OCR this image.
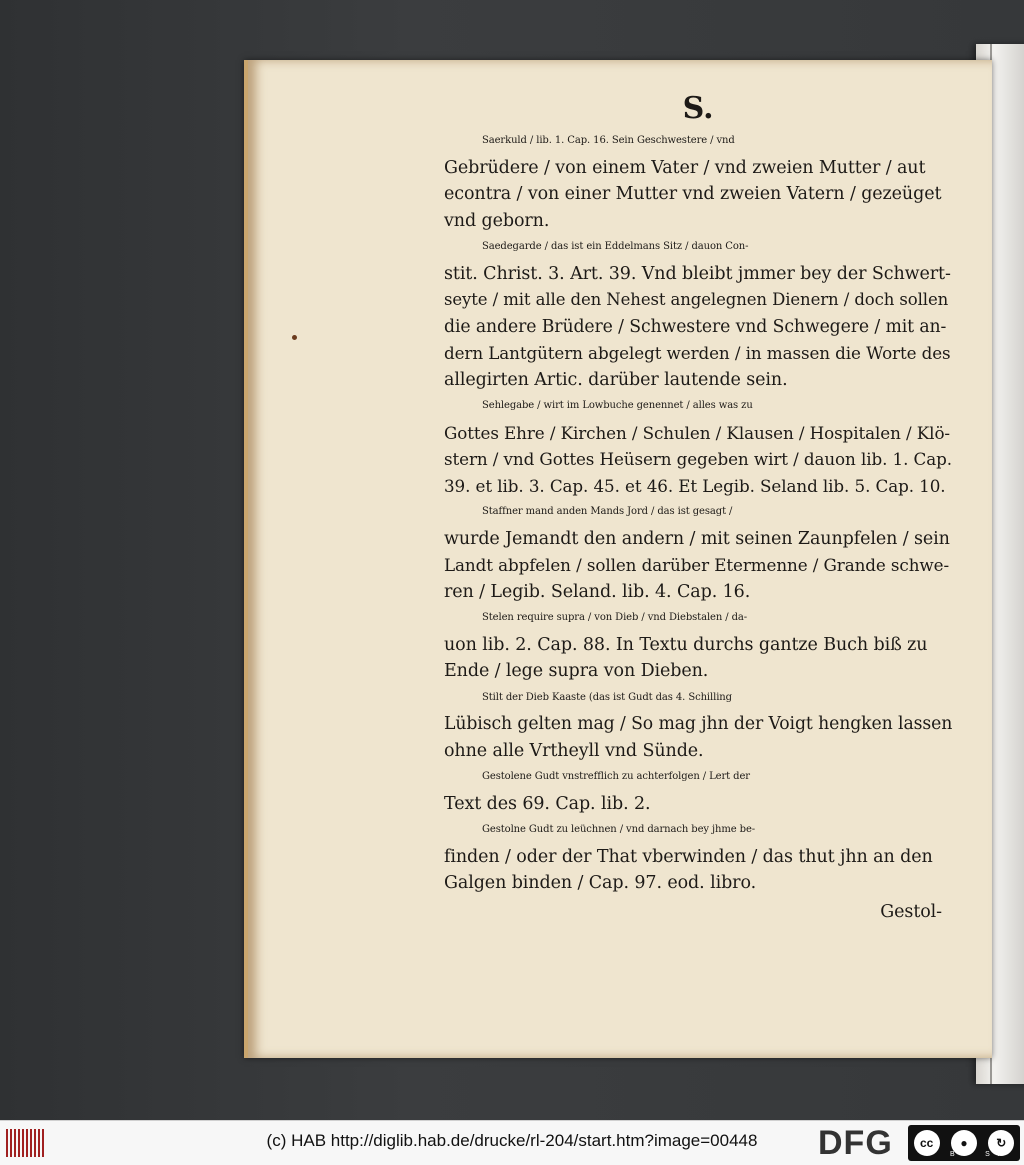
S.
Saerkuld / lib. 1. Cap. 16. Sein Geschwestere / vnd
Gebrüdere / von einem Vater / vnd zweien Mutter / aut
econtra / von einer Mutter vnd zweien Vatern / gezeüget
vnd geborn.
Saedegarde / das ist ein Eddelmans Sitz / dauon Con-
stit. Christ. 3. Art. 39. Vnd bleibt jmmer bey der Schwert-
seyte / mit alle den Nehest angelegnen Dienern / doch sollen
die andere Brüdere / Schwestere vnd Schwegere / mit an-
dern Lantgütern abgelegt werden / in massen die Worte des
allegirten Artic. darüber lautende sein.
Sehlegabe / wirt im Lowbuche genennet / alles was zu
Gottes Ehre / Kirchen / Schulen / Klausen / Hospitalen / Klö-
stern / vnd Gottes Heüsern gegeben wirt / dauon lib. 1. Cap.
39. et lib. 3. Cap. 45. et 46. Et Legib. Seland lib. 5. Cap. 10.
Staffner mand anden Mands Jord / das ist gesagt /
wurde Jemandt den andern / mit seinen Zaunpfelen / sein
Landt abpfelen / sollen darüber Etermenne / Grande schwe-
ren / Legib. Seland. lib. 4. Cap. 16.
Stelen require supra / von Dieb / vnd Diebstalen / da-
uon lib. 2. Cap. 88. In Textu durchs gantze Buch biß zu
Ende / lege supra von Dieben.
Stilt der Dieb Kaaste (das ist Gudt das 4. Schilling
Lübisch gelten mag / So mag jhn der Voigt hengken lassen
ohne alle Vrtheyll vnd Sünde.
Gestolene Gudt vnstrefflich zu achterfolgen / Lert der
Text des 69. Cap. lib. 2.
Gestolne Gudt zu leüchnen / vnd darnach bey jhme be-
finden / oder der That vberwinden / das thut jhn an den
Galgen binden / Cap. 97. eod. libro.
Gestol-
(c) HAB http://diglib.hab.de/drucke/rl-204/start.htm?image=00448	DFG	cc	●	↻
BY SA
